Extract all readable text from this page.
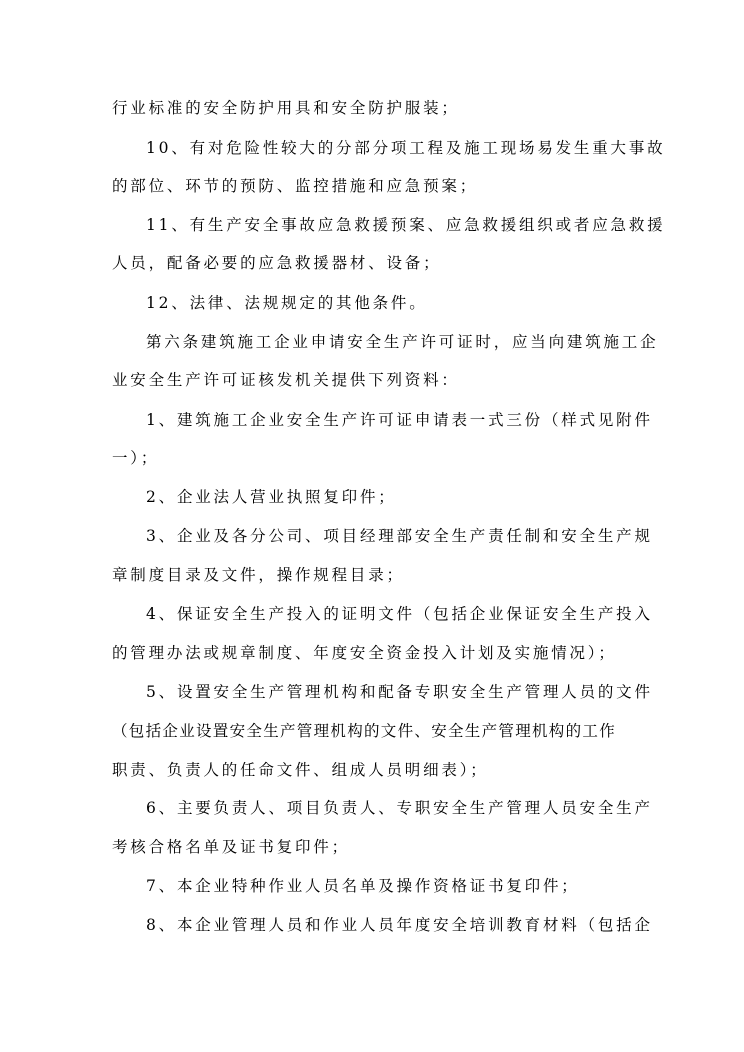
行业标准的安全防护用具和安全防护服装；
10、有对危险性较大的分部分项工程及施工现场易发生重大事故
的部位、环节的预防、监控措施和应急预案；
11、有生产安全事故应急救援预案、应急救援组织或者应急救援
人员，配备必要的应急救援器材、设备；
12、法律、法规规定的其他条件。
第六条建筑施工企业申请安全生产许可证时，应当向建筑施工企
业安全生产许可证核发机关提供下列资料：
1、建筑施工企业安全生产许可证申请表一式三份（样式见附件
一）；
2、企业法人营业执照复印件；
3、企业及各分公司、项目经理部安全生产责任制和安全生产规
章制度目录及文件，操作规程目录；
4、保证安全生产投入的证明文件（包括企业保证安全生产投入
的管理办法或规章制度、年度安全资金投入计划及实施情况）；
5、设置安全生产管理机构和配备专职安全生产管理人员的文件
（包括企业设置安全生产管理机构的文件、安全生产管理机构的工作
职责、负责人的任命文件、组成人员明细表）；
6、主要负责人、项目负责人、专职安全生产管理人员安全生产
考核合格名单及证书复印件；
7、本企业特种作业人员名单及操作资格证书复印件；
8、本企业管理人员和作业人员年度安全培训教育材料（包括企
